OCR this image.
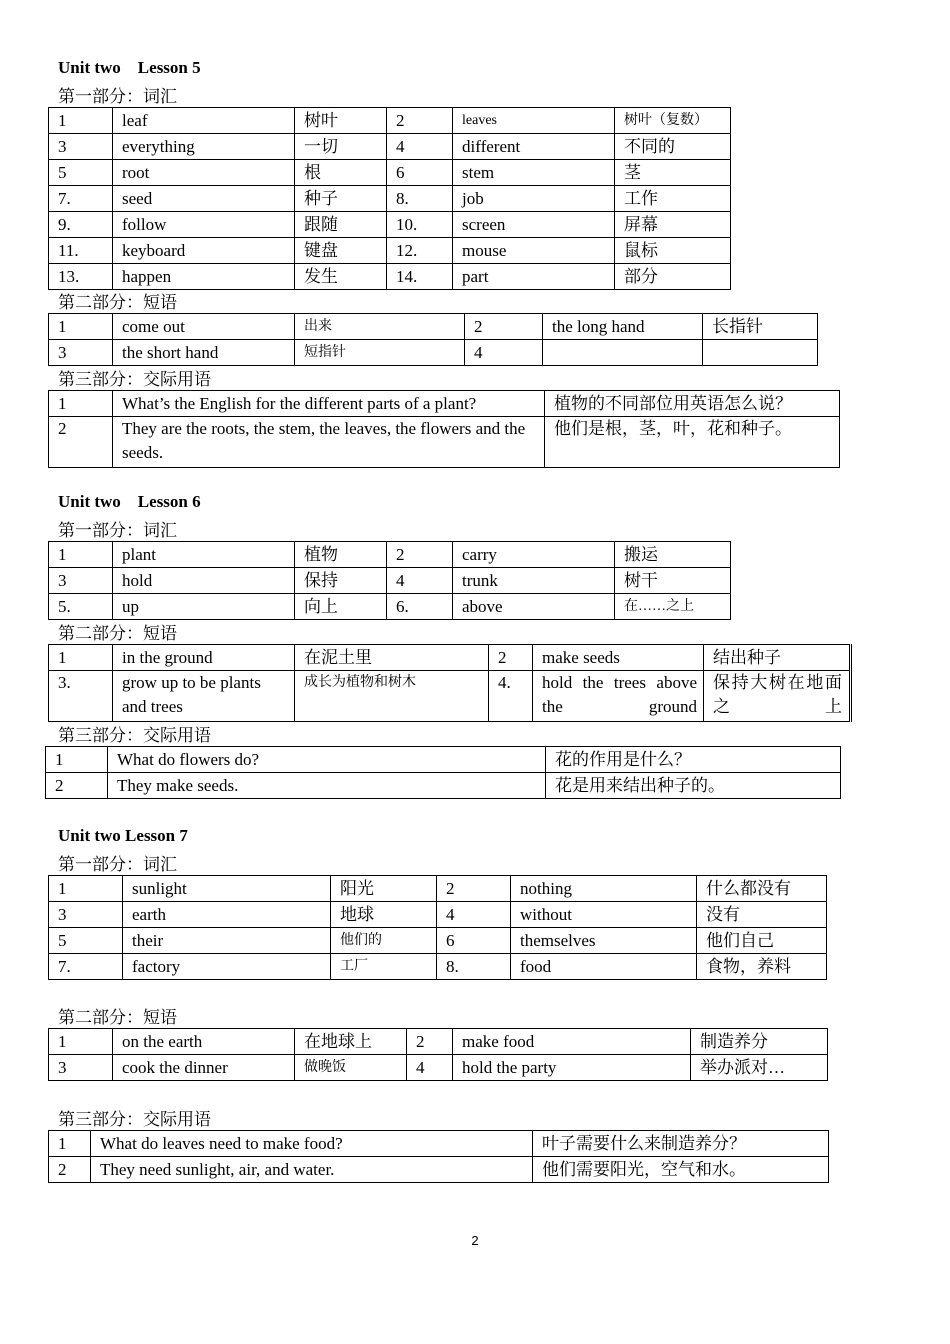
Unit two    Lesson 5
第一部分：词汇
1	leaf	树叶	2	leaves	树叶（复数）
3	everything	一切	4	different	不同的
5	root	根	6	stem	茎
7.	seed	种子	8.	job	工作
9.	follow	跟随	10.	screen	屏幕
11.	keyboard	键盘	12.	mouse	鼠标
13.	happen	发生	14.	part	部分
第二部分：短语
1	come out	出来	2	the long hand	长指针
3	the short hand	短指针	4		
第三部分：交际用语
1	What’s the English for the different parts of a plant?	植物的不同部位用英语怎么说？
2	They are the roots, the stem, the leaves, the flowers and the seeds.	他们是根，茎，叶，花和种子。
Unit two    Lesson 6
第一部分：词汇
1	plant	植物	2	carry	搬运
3	hold	保持	4	trunk	树干
5.	up	向上	6.	above	在……之上
第二部分：短语
1	in the ground	在泥土里	2	make seeds	结出种子
3.	grow up to be plants and trees	成长为植物和树木	4.	hold the trees above the ground	保持大树在地面之上
第三部分：交际用语
1	What do flowers do?	花的作用是什么？
2	They make seeds.	花是用来结出种子的。
Unit two Lesson 7
第一部分：词汇
1	sunlight	阳光	2	nothing	什么都没有
3	earth	地球	4	without	没有
5	their	他们的	6	themselves	他们自己
7.	factory	工厂	8.	food	食物，养料
第二部分：短语
1	on the earth	在地球上	2	make food	制造养分
3	cook the dinner	做晚饭	4	hold the party	举办派对…
第三部分：交际用语
1	What do leaves need to make food?	叶子需要什么来制造养分？
2	They need sunlight, air, and water.	他们需要阳光，空气和水。
2
